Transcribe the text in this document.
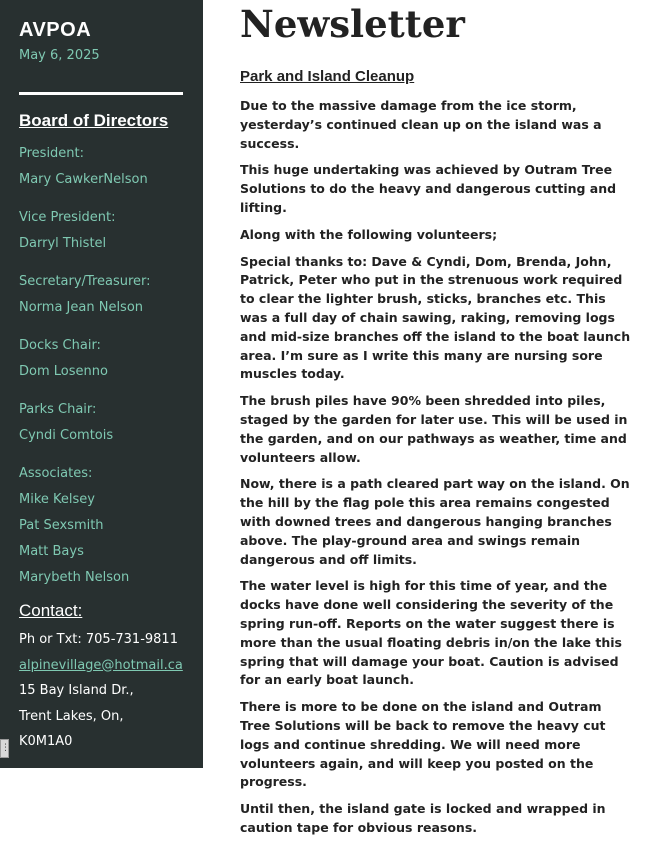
AVPOA
May 6, 2025
Board of Directors
President:
Mary CawkerNelson
Vice President:
Darryl Thistel
Secretary/Treasurer:
Norma Jean Nelson
Docks Chair:
Dom Losenno
Parks Chair:
Cyndi Comtois
Associates:
Mike Kelsey
Pat Sexsmith
Matt Bays
Marybeth Nelson
Contact:
Ph or Txt: 705-731-9811
alpinevillage@hotmail.ca
15 Bay Island Dr.,
Trent Lakes, On,
K0M1A0
⋮
Newsletter
Park and Island Cleanup

Due to the massive damage from the ice storm, yesterday’s continued clean up on the island was a success.

This huge undertaking was achieved by Outram Tree Solutions to do the heavy and dangerous cutting and lifting.

Along with the following volunteers;

Special thanks to: Dave & Cyndi, Dom, Brenda, John, Patrick, Peter who put in the strenuous work required to clear the lighter brush, sticks, branches etc. This was a full day of chain sawing, raking, removing logs and mid-size branches off the island to the boat launch area. I’m sure as I write this many are nursing sore muscles today.

The brush piles have 90% been shredded into piles, staged by the garden for later use. This will be used in the garden, and on our pathways as weather, time and volunteers allow.

Now, there is a path cleared part way on the island. On the hill by the flag pole this area remains congested with downed trees and dangerous hanging branches above. The play-ground area and swings remain dangerous and off limits.

The water level is high for this time of year, and the docks have done well considering the severity of the spring run-off. Reports on the water suggest there is more than the usual floating debris in/on the lake this spring that will damage your boat. Caution is advised for an early boat launch.

There is more to be done on the island and Outram Tree Solutions will be back to remove the heavy cut logs and continue shredding. We will need more volunteers again, and will keep you posted on the progress.

Until then, the island gate is locked and wrapped in caution tape for obvious reasons.
